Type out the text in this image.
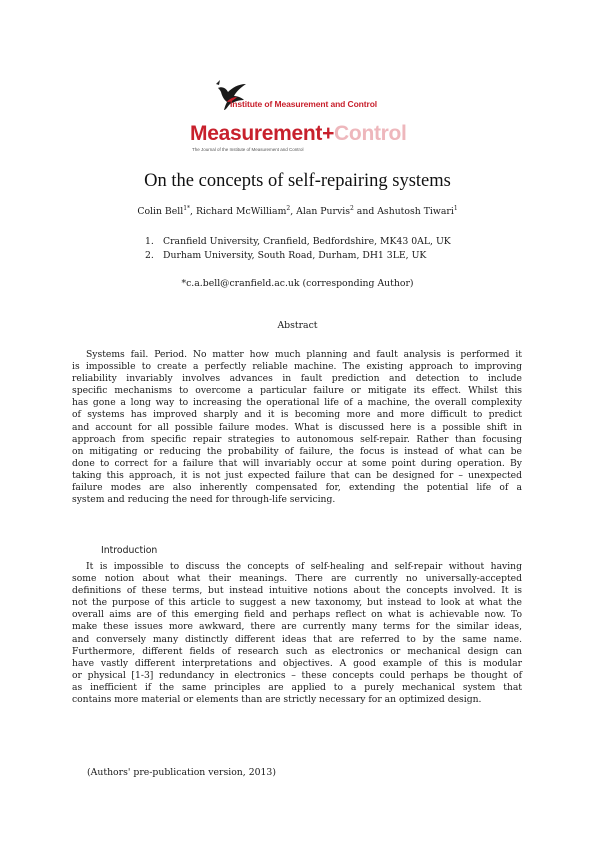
Institute of Measurement and Control
Measurement+Control
The Journal of the Institute of Measurement and Control
On the concepts of self-repairing systems
Colin Bell$^{1*}$, Richard McWilliam$^2$, Alan Purvis$^2$ and Ashutosh Tiwari$^1$
1. Cranfield University, Cranfield, Bedfordshire, MK43 0AL, UK
2. Durham University, South Road, Durham, DH1 3LE, UK
*c.a.bell@cranfield.ac.uk (corresponding Author)
Abstract
Systems fail. Period. No matter how much planning and fault analysis is performed it
is impossible to create a perfectly reliable machine. The existing approach to improving
reliability invariably involves advances in fault prediction and detection to include
specific mechanisms to overcome a particular failure or mitigate its effect. Whilst this
has gone a long way to increasing the operational life of a machine, the overall complexity
of systems has improved sharply and it is becoming more and more difficult to predict
and account for all possible failure modes. What is discussed here is a possible shift in
approach from specific repair strategies to autonomous self-repair. Rather than focusing
on mitigating or reducing the probability of failure, the focus is instead of what can be
done to correct for a failure that will invariably occur at some point during operation. By
taking this approach, it is not just expected failure that can be designed for – unexpected
failure modes are also inherently compensated for, extending the potential life of a
system and reducing the need for through-life servicing.
Introduction
It is impossible to discuss the concepts of self-healing and self-repair without having
some notion about what their meanings. There are currently no universally-accepted
definitions of these terms, but instead intuitive notions about the concepts involved. It is
not the purpose of this article to suggest a new taxonomy, but instead to look at what the
overall aims are of this emerging field and perhaps reflect on what is achievable now. To
make these issues more awkward, there are currently many terms for the similar ideas,
and conversely many distinctly different ideas that are referred to by the same name.
Furthermore, different fields of research such as electronics or mechanical design can
have vastly different interpretations and objectives. A good example of this is modular
or physical [1-3] redundancy in electronics – these concepts could perhaps be thought of
as inefficient if the same principles are applied to a purely mechanical system that
contains more material or elements than are strictly necessary for an optimized design.
(Authors' pre-publication version, 2013)
